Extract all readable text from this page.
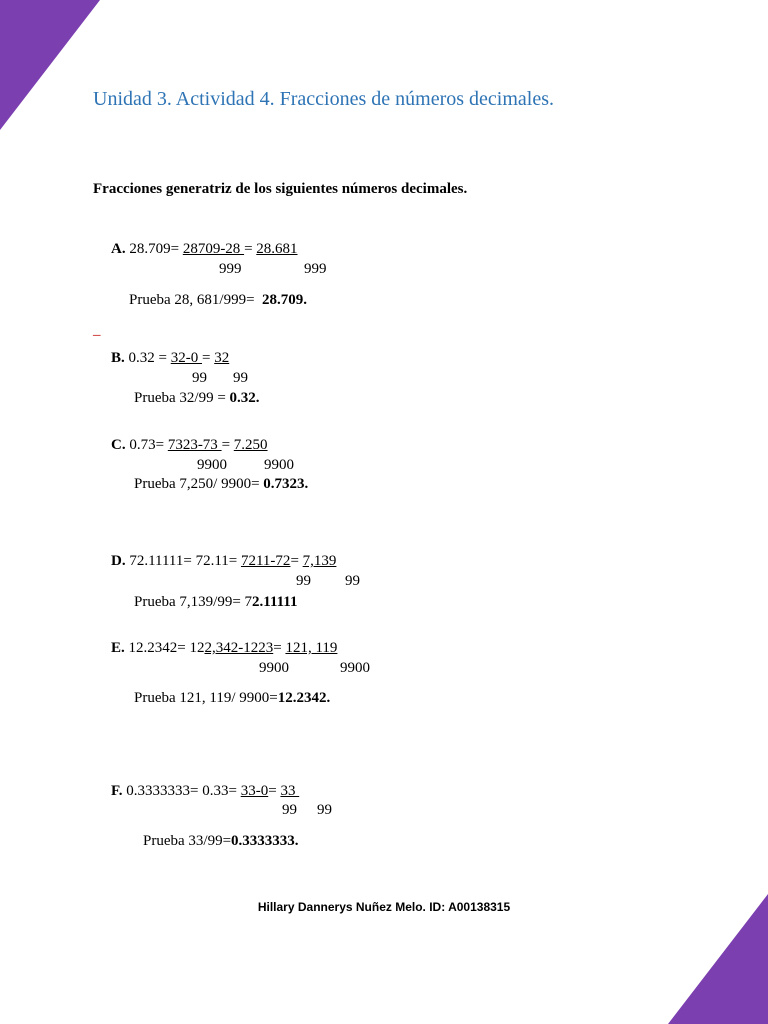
Unidad 3. Actividad 4. Fracciones de números decimales.
Fracciones generatriz de los siguientes números decimales.
A. 28.709= 28709-28 = 28.681
999	999
Prueba 28, 681/999=  28.709.
_
B. 0.32 = 32-0 = 32
99 99
Prueba 32/99 = 0.32.
C. 0.73= 7323-73 = 7.250
9900 9900
Prueba 7,250/ 9900= 0.7323.
D. 72.11111= 72.11= 7211-72= 7,139
99 99
Prueba 7,139/99= 72.11111
E. 12.2342= 122,342-1223= 121, 119
9900	9900
Prueba 121, 119/ 9900=12.2342.
F. 0.3333333= 0.33= 33-0= 33
99 99
Prueba 33/99=0.3333333.
Hillary Dannerys Nuñez Melo. ID: A00138315
